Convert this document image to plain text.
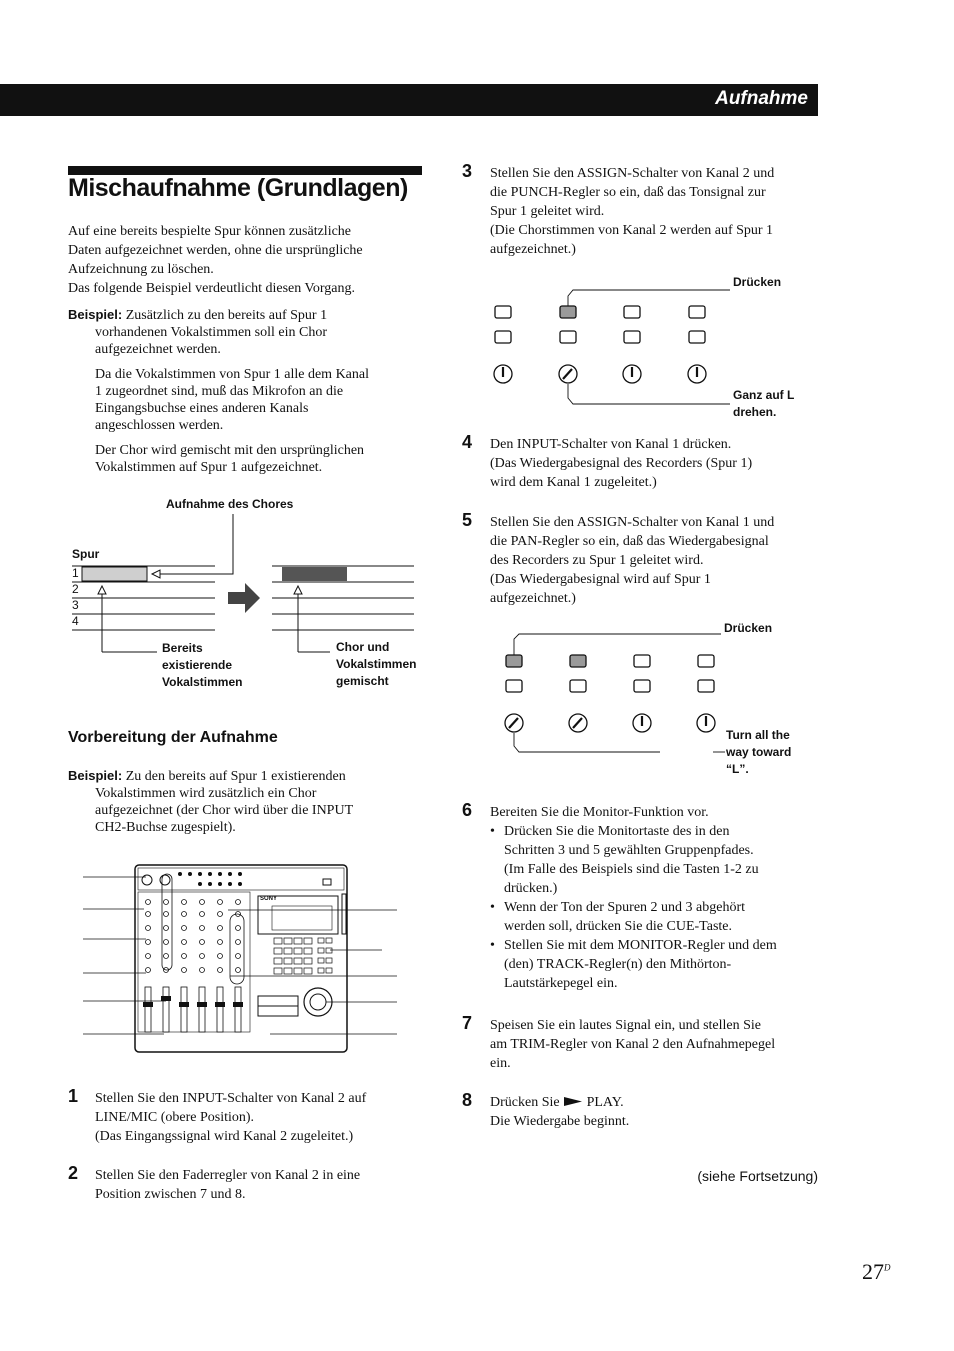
Aufnahme
Mischaufnahme (Grundlagen)
Auf eine bereits bespielte Spur können zusätzliche
Daten aufgezeichnet werden, ohne die ursprüngliche
Aufzeichnung zu löschen.
Das folgende Beispiel verdeutlicht diesen Vorgang.
Beispiel: Zusätzlich zu den bereits auf Spur 1
vorhandenen Vokalstimmen soll ein Chor
aufgezeichnet werden.
Da die Vokalstimmen von Spur 1 alle dem Kanal
1 zugeordnet sind, muß das Mikrofon an die
Eingangsbuchse eines anderen Kanals
angeschlossen werden.
Der Chor wird gemischt mit den ursprünglichen
Vokalstimmen auf Spur 1 aufgezeichnet.
Aufnahme des Chores
Spur
1
2
3
4
Bereits
existierende
Vokalstimmen
Chor und
Vokalstimmen
gemischt
Vorbereitung der Aufnahme
Beispiel: Zu den bereits auf Spur 1 existierenden
Vokalstimmen wird zusätzlich ein Chor
aufgezeichnet (der Chor wird über die INPUT
CH2-Buchse zugespielt).
SONY
1 Stellen Sie den INPUT-Schalter von Kanal 2 auf
LINE/MIC (obere Position).
(Das Eingangssignal wird Kanal 2 zugeleitet.)
2 Stellen Sie den Faderregler von Kanal 2 in eine
Position zwischen 7 und 8.
3 Stellen Sie den ASSIGN-Schalter von Kanal 2 und
die PUNCH-Regler so ein, daß das Tonsignal zur
Spur 1 geleitet wird.
(Die Chorstimmen von Kanal 2 werden auf Spur 1
aufgezeichnet.)
Drücken
Ganz auf L
drehen.
4 Den INPUT-Schalter von Kanal 1 drücken.
(Das Wiedergabesignal des Recorders (Spur 1)
wird dem Kanal 1 zugeleitet.)
5 Stellen Sie den ASSIGN-Schalter von Kanal 1 und
die PAN-Regler so ein, daß das Wiedergabesignal
des Recorders zu Spur 1 geleitet wird.
(Das Wiedergabesignal wird auf Spur 1
aufgezeichnet.)
Drücken
Turn all the
way toward
“L”.
6 Bereiten Sie die Monitor-Funktion vor.
• Drücken Sie die Monitortaste des in den
Schritten 3 und 5 gewählten Gruppenpfades.
(Im Falle des Beispiels sind die Tasten 1-2 zu
drücken.)
• Wenn der Ton der Spuren 2 und 3 abgehört
werden soll, drücken Sie die CUE-Taste.
• Stellen Sie mit dem MONITOR-Regler und dem
(den) TRACK-Regler(n) den Mithörton-
Lautstärkepegel ein.
7 Speisen Sie ein lautes Signal ein, und stellen Sie
am TRIM-Regler von Kanal 2 den Aufnahmepegel
ein.
8 Drücken Sie PLAY.
Die Wiedergabe beginnt.
(siehe Fortsetzung)
$27^D$
